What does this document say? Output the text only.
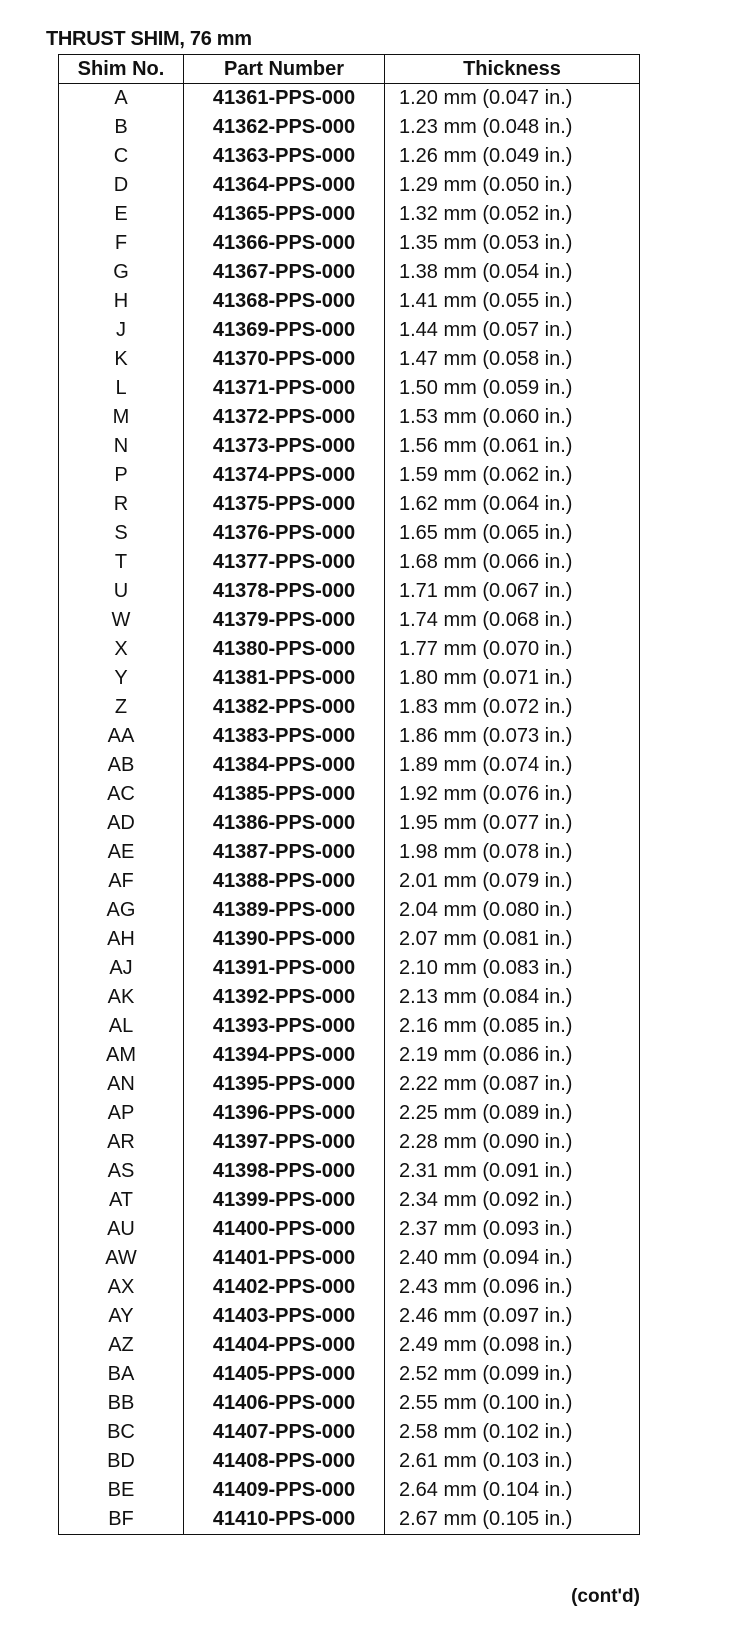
THRUST SHIM, 76 mm
Shim No.	Part Number	Thickness
A	41361-PPS-000	1.20 mm (0.047 in.)
B	41362-PPS-000	1.23 mm (0.048 in.)
C	41363-PPS-000	1.26 mm (0.049 in.)
D	41364-PPS-000	1.29 mm (0.050 in.)
E	41365-PPS-000	1.32 mm (0.052 in.)
F	41366-PPS-000	1.35 mm (0.053 in.)
G	41367-PPS-000	1.38 mm (0.054 in.)
H	41368-PPS-000	1.41 mm (0.055 in.)
J	41369-PPS-000	1.44 mm (0.057 in.)
K	41370-PPS-000	1.47 mm (0.058 in.)
L	41371-PPS-000	1.50 mm (0.059 in.)
M	41372-PPS-000	1.53 mm (0.060 in.)
N	41373-PPS-000	1.56 mm (0.061 in.)
P	41374-PPS-000	1.59 mm (0.062 in.)
R	41375-PPS-000	1.62 mm (0.064 in.)
S	41376-PPS-000	1.65 mm (0.065 in.)
T	41377-PPS-000	1.68 mm (0.066 in.)
U	41378-PPS-000	1.71 mm (0.067 in.)
W	41379-PPS-000	1.74 mm (0.068 in.)
X	41380-PPS-000	1.77 mm (0.070 in.)
Y	41381-PPS-000	1.80 mm (0.071 in.)
Z	41382-PPS-000	1.83 mm (0.072 in.)
AA	41383-PPS-000	1.86 mm (0.073 in.)
AB	41384-PPS-000	1.89 mm (0.074 in.)
AC	41385-PPS-000	1.92 mm (0.076 in.)
AD	41386-PPS-000	1.95 mm (0.077 in.)
AE	41387-PPS-000	1.98 mm (0.078 in.)
AF	41388-PPS-000	2.01 mm (0.079 in.)
AG	41389-PPS-000	2.04 mm (0.080 in.)
AH	41390-PPS-000	2.07 mm (0.081 in.)
AJ	41391-PPS-000	2.10 mm (0.083 in.)
AK	41392-PPS-000	2.13 mm (0.084 in.)
AL	41393-PPS-000	2.16 mm (0.085 in.)
AM	41394-PPS-000	2.19 mm (0.086 in.)
AN	41395-PPS-000	2.22 mm (0.087 in.)
AP	41396-PPS-000	2.25 mm (0.089 in.)
AR	41397-PPS-000	2.28 mm (0.090 in.)
AS	41398-PPS-000	2.31 mm (0.091 in.)
AT	41399-PPS-000	2.34 mm (0.092 in.)
AU	41400-PPS-000	2.37 mm (0.093 in.)
AW	41401-PPS-000	2.40 mm (0.094 in.)
AX	41402-PPS-000	2.43 mm (0.096 in.)
AY	41403-PPS-000	2.46 mm (0.097 in.)
AZ	41404-PPS-000	2.49 mm (0.098 in.)
BA	41405-PPS-000	2.52 mm (0.099 in.)
BB	41406-PPS-000	2.55 mm (0.100 in.)
BC	41407-PPS-000	2.58 mm (0.102 in.)
BD	41408-PPS-000	2.61 mm (0.103 in.)
BE	41409-PPS-000	2.64 mm (0.104 in.)
BF	41410-PPS-000	2.67 mm (0.105 in.)
(cont'd)
